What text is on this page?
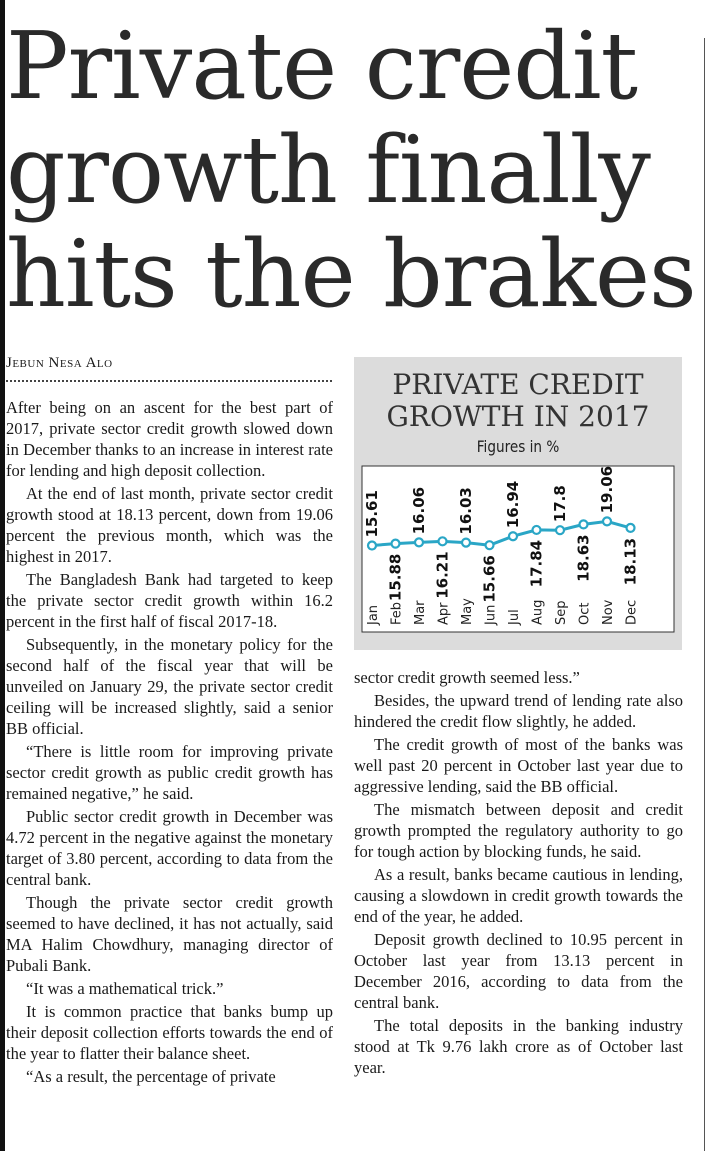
Private credit
growth finally
hits the brakes
Jebun Nesa Alo

After being on an ascent for the best part of 2017, private sector credit growth slowed down in December thanks to an increase in interest rate for lending and high deposit collection.

At the end of last month, private sector credit growth stood at 18.13 percent, down from 19.06 percent the previous month, which was the highest in 2017.

The Bangladesh Bank had targeted to keep the private sector credit growth within 16.2 percent in the first half of fiscal 2017-18.

Subsequently, in the monetary policy for the second half of the fiscal year that will be unveiled on January 29, the private sector credit ceiling will be increased slightly, said a senior BB official.

“There is little room for improving private sector credit growth as public credit growth has remained negative,” he said.

Public sector credit growth in December was 4.72 percent in the negative against the monetary target of 3.80 percent, according to data from the central bank.

Though the private sector credit growth seemed to have declined, it has not actually, said MA Halim Chowdhury, managing director of Pubali Bank.

“It was a mathematical trick.”

It is common practice that banks bump up their deposit collection efforts towards the end of the year to flatter their balance sheet.

“As a result, the percentage of private

PRIVATE CREDIT
GROWTH IN 2017
Figures in %
15.61
Jan
15.88
Feb
16.06
Mar
16.21
Apr
16.03
May
15.66
Jun
16.94
Jul
17.84
Aug
17.8
Sep
18.63
Oct
19.06
Nov
18.13
Dec

sector credit growth seemed less.”

Besides, the upward trend of lending rate also hindered the credit flow slightly, he added.

The credit growth of most of the banks was well past 20 percent in October last year due to aggressive lending, said the BB official.

The mismatch between deposit and credit growth prompted the regulatory authority to go for tough action by blocking funds, he said.

As a result, banks became cautious in lending, causing a slowdown in credit growth towards the end of the year, he added.

Deposit growth declined to 10.95 percent in October last year from 13.13 percent in December 2016, according to data from the central bank.

The total deposits in the banking industry stood at Tk 9.76 lakh crore as of October last year.
